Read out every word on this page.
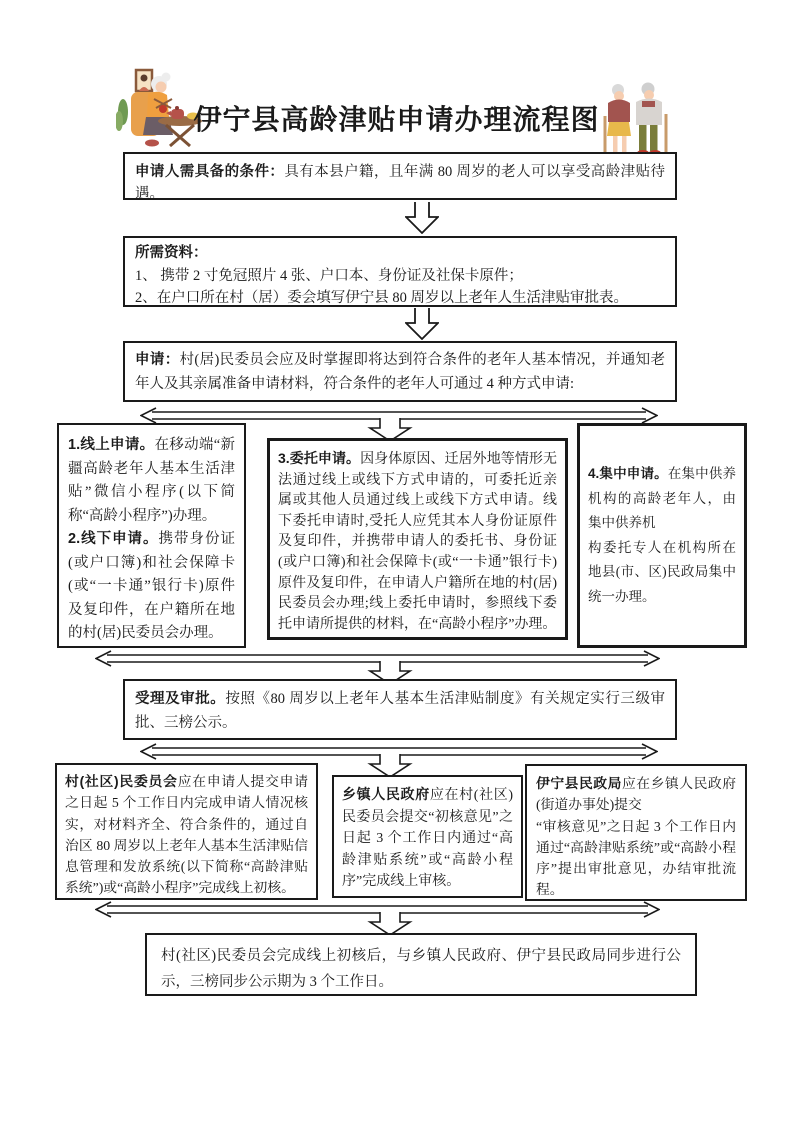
伊宁县高龄津贴申请办理流程图

申请人需具备的条件：具有本县户籍，且年满 80 周岁的老人可以享受高龄津贴待遇。

所需资料：

1、 携带 2 寸免冠照片 4 张、户口本、身份证及社保卡原件；

2、在户口所在村（居）委会填写伊宁县 80 周岁以上老年人生活津贴审批表。

申请：村(居)民委员会应及时掌握即将达到符合条件的老年人基本情况，并通知老年人及其亲属准备申请材料，符合条件的老年人可通过 4 种方式申请:

1.线上申请。在移动端“新疆高龄老年人基本生活津贴”微信小程序(以下简称“高龄小程序”)办理。

2.线下申请。携带身份证(或户口簿)和社会保障卡(或“一卡通”银行卡)原件及复印件，在户籍所在地的村(居)民委员会办理。

3.委托申请。因身体原因、迁居外地等情形无法通过线上或线下方式申请的，可委托近亲属或其他人员通过线上或线下方式申请。线下委托申请时,受托人应凭其本人身份证原件及复印件，并携带申请人的委托书、身份证(或户口簿)和社会保障卡(或“一卡通”银行卡)原件及复印件，在申请人户籍所在地的村(居)民委员会办理;线上委托申请时，参照线下委托申请所提供的材料，在“高龄小程序”办理。

4.集中申请。在集中供养机构的高龄老年人，由集中供养机

构委托专人在机构所在地县(市、区)民政局集中统一办理。

受理及审批。按照《80 周岁以上老年人基本生活津贴制度》有关规定实行三级审批、三榜公示。

村(社区)民委员会应在申请人提交申请之日起 5 个工作日内完成申请人情况核实，对材料齐全、符合条件的，通过自治区 80 周岁以上老年人基本生活津贴信息管理和发放系统(以下简称“高龄津贴系统”)或“高龄小程序”完成线上初核。

乡镇人民政府应在村(社区)民委员会提交“初核意见”之日起 3 个工作日内通过“高龄津贴系统”或“高龄小程序”完成线上审核。

伊宁县民政局应在乡镇人民政府(街道办事处)提交

“审核意见”之日起 3 个工作日内通过“高龄津贴系统”或“高龄小程序”提出审批意见，办结审批流程。

村(社区)民委员会完成线上初核后，与乡镇人民政府、伊宁县民政局同步进行公示，三榜同步公示期为 3 个工作日。
